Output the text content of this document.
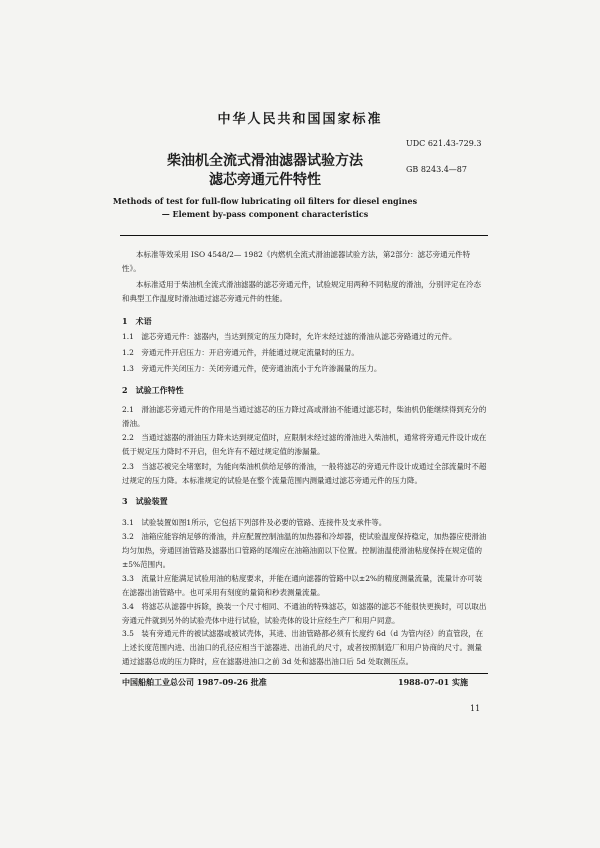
中华人民共和国国家标准
UDC 621.43-729.3
柴油机全流式滑油滤器试验方法
GB 8243.4—87
滤芯旁通元件特性
Methods of test for full-flow lubricating oil filters for diesel engines
— Element by-pass component characteristics
本标准等效采用 ISO 4548/2— 1982《内燃机全流式滑油滤器试验方法，第2部分：滤芯旁通元件特性》。
本标准适用于柴油机全流式滑油滤器的滤芯旁通元件，试验规定用两种不同粘度的滑油，分别评定在冷态和典型工作温度时滑油通过滤芯旁通元件的性能。
1　术语
1.1　滤芯旁通元件：滤器内，当达到预定的压力降时，允许未经过滤的滑油从滤芯旁路通过的元件。
1.2　旁通元件开启压力：开启旁通元件，并能通过规定流量时的压力。
1.3　旁通元件关闭压力：关闭旁通元件，使旁通油流小于允许渗漏量的压力。
2　试验工作特性
2.1　滑油滤芯旁通元件的作用是当通过滤芯的压力降过高或滑油不能通过滤芯时，柴油机仍能继续得到充分的滑油。
2.2　当通过滤器的滑油压力降未达到规定值时，应限制未经过滤的滑油进入柴油机，通常将旁通元件设计成在低于规定压力降时不开启，但允许有不超过规定值的渗漏量。
2.3　当滤芯被完全堵塞时，为能向柴油机供给足够的滑油，一般将滤芯的旁通元件设计成通过全部流量时不超过规定的压力降。本标准规定的试验是在整个流量范围内测量通过滤芯旁通元件的压力降。
3　试验装置
3.1　试验装置如图1所示，它包括下列部件及必要的管路、连接件及支承件等。
3.2　油箱应能容纳足够的滑油，并应配置控制油温的加热器和冷却器，使试验温度保持稳定，加热器应使滑油均匀加热，旁通回油管路及滤器出口管路的尾端应在油箱油面以下位置。控制油温使滑油粘度保持在规定值的±5%范围内。
3.3　流量计应能满足试验用油的粘度要求，并能在通向滤器的管路中以±2%的精度测量流量，流量计亦可装在滤器出油管路中。也可采用有刻度的量筒和秒表测量流量。
3.4　将滤芯从滤器中拆除，换装一个尺寸相同、不通油的特殊滤芯，如滤器的滤芯不能很快更换时，可以取出旁通元件就到另外的试验壳体中进行试验，试验壳体的设计应经生产厂和用户同意。
3.5　装有旁通元件的被试滤器或被试壳体，其进、出油管路都必须有长度约 6d（d 为管内径）的直管段，在上述长度范围内进、出油口的孔径应相当于滤器进、出油孔的尺寸，或者按照制造厂和用户协商的尺寸。测量通过滤器总成的压力降时，应在滤器进油口之前 3d 处和滤器出油口后 5d 处取测压点。
中国船舶工业总公司 1987-09-26 批准	1988-07-01 实施
11
